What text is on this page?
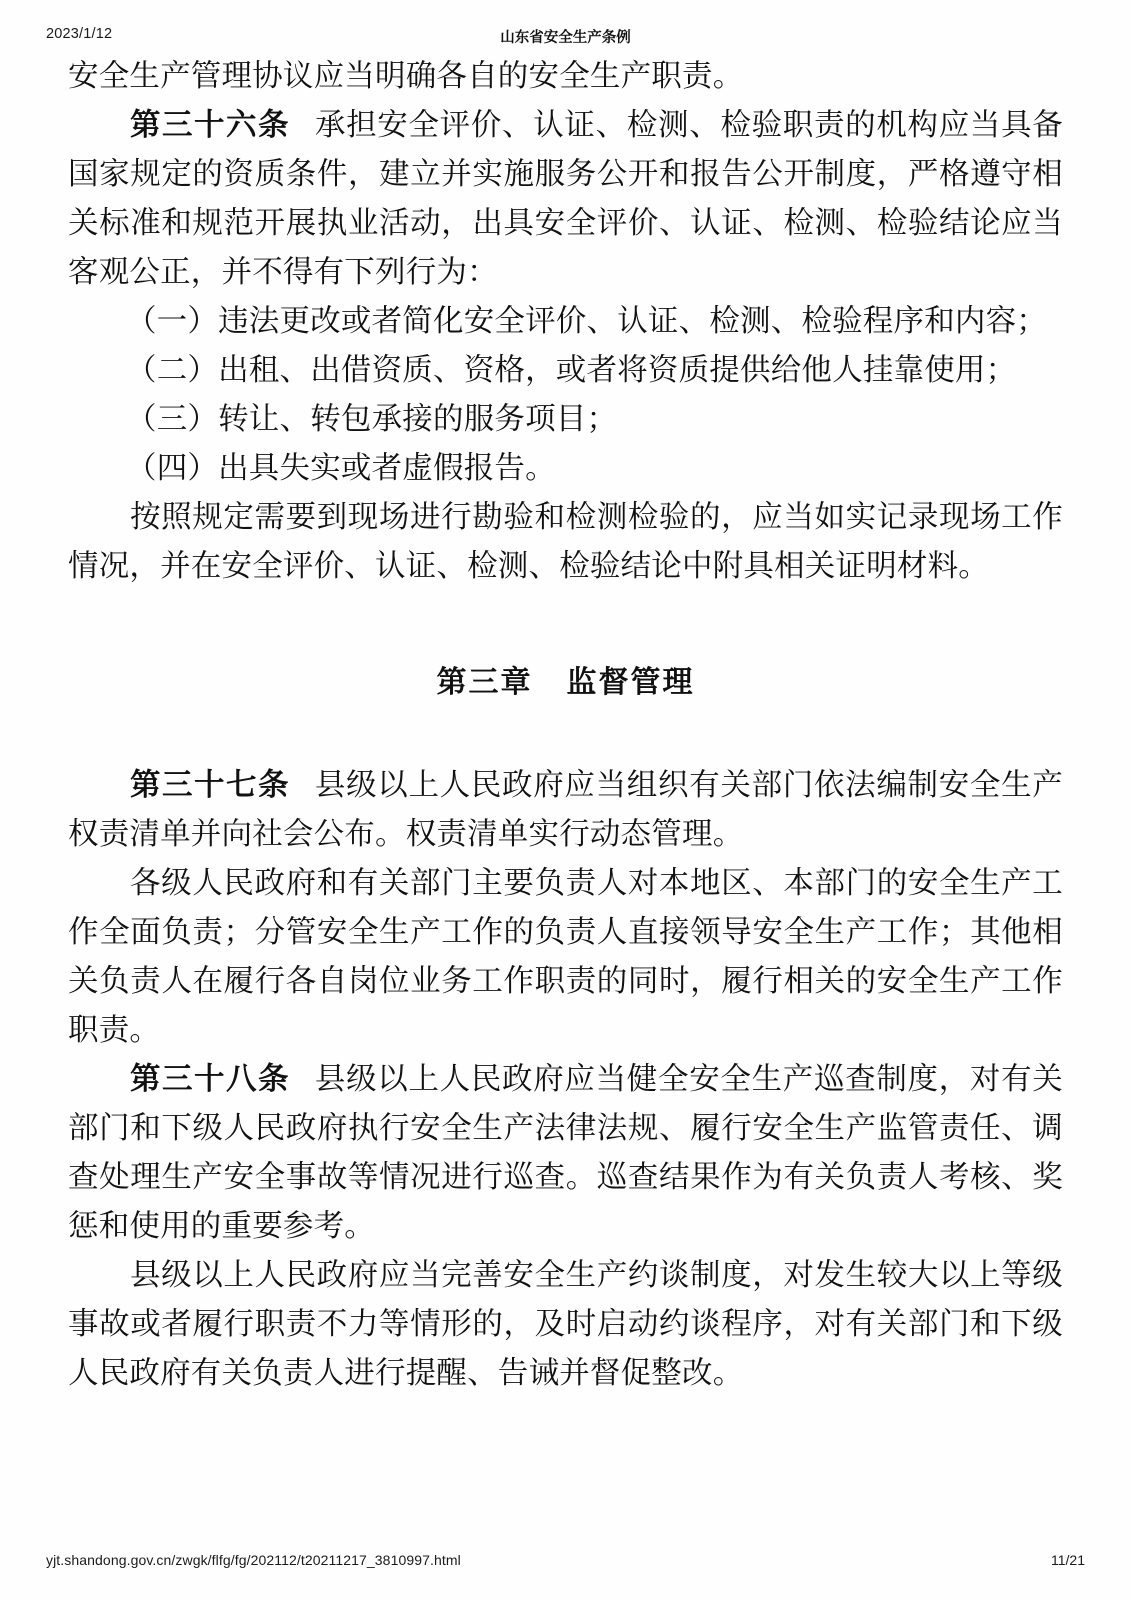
2023/1/12	山东省安全生产条例

安全生产管理协议应当明确各自的安全生产职责。

第三十六条 承担安全评价、认证、检测、检验职责的机构应当具备国家规定的资质条件，建立并实施服务公开和报告公开制度，严格遵守相关标准和规范开展执业活动，出具安全评价、认证、检测、检验结论应当客观公正，并不得有下列行为：

（一）违法更改或者简化安全评价、认证、检测、检验程序和内容；

（二）出租、出借资质、资格，或者将资质提供给他人挂靠使用；

（三）转让、转包承接的服务项目；

（四）出具失实或者虚假报告。

按照规定需要到现场进行勘验和检测检验的，应当如实记录现场工作情况，并在安全评价、认证、检测、检验结论中附具相关证明材料。

第三章 监督管理

第三十七条 县级以上人民政府应当组织有关部门依法编制安全生产权责清单并向社会公布。权责清单实行动态管理。

各级人民政府和有关部门主要负责人对本地区、本部门的安全生产工作全面负责；分管安全生产工作的负责人直接领导安全生产工作；其他相关负责人在履行各自岗位业务工作职责的同时，履行相关的安全生产工作职责。

第三十八条 县级以上人民政府应当健全安全生产巡查制度，对有关部门和下级人民政府执行安全生产法律法规、履行安全生产监管责任、调查处理生产安全事故等情况进行巡查。巡查结果作为有关负责人考核、奖惩和使用的重要参考。

县级以上人民政府应当完善安全生产约谈制度，对发生较大以上等级事故或者履行职责不力等情形的，及时启动约谈程序，对有关部门和下级人民政府有关负责人进行提醒、告诫并督促整改。

yjt.shandong.gov.cn/zwgk/flfg/fg/202112/t20211217_3810997.html	11/21
